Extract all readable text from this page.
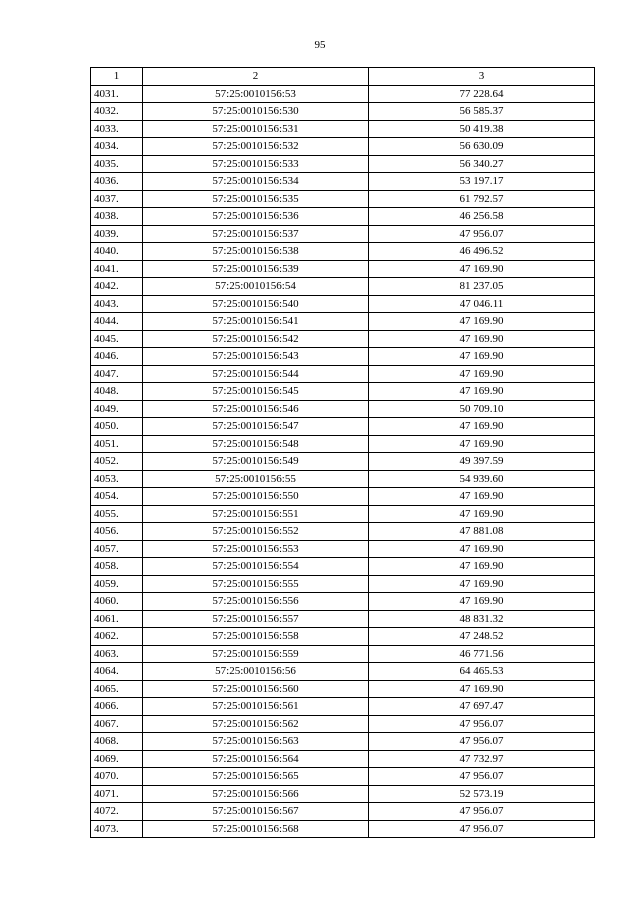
95
1	2	3
4031.	57:25:0010156:53	77 228.64
4032.	57:25:0010156:530	56 585.37
4033.	57:25:0010156:531	50 419.38
4034.	57:25:0010156:532	56 630.09
4035.	57:25:0010156:533	56 340.27
4036.	57:25:0010156:534	53 197.17
4037.	57:25:0010156:535	61 792.57
4038.	57:25:0010156:536	46 256.58
4039.	57:25:0010156:537	47 956.07
4040.	57:25:0010156:538	46 496.52
4041.	57:25:0010156:539	47 169.90
4042.	57:25:0010156:54	81 237.05
4043.	57:25:0010156:540	47 046.11
4044.	57:25:0010156:541	47 169.90
4045.	57:25:0010156:542	47 169.90
4046.	57:25:0010156:543	47 169.90
4047.	57:25:0010156:544	47 169.90
4048.	57:25:0010156:545	47 169.90
4049.	57:25:0010156:546	50 709.10
4050.	57:25:0010156:547	47 169.90
4051.	57:25:0010156:548	47 169.90
4052.	57:25:0010156:549	49 397.59
4053.	57:25:0010156:55	54 939.60
4054.	57:25:0010156:550	47 169.90
4055.	57:25:0010156:551	47 169.90
4056.	57:25:0010156:552	47 881.08
4057.	57:25:0010156:553	47 169.90
4058.	57:25:0010156:554	47 169.90
4059.	57:25:0010156:555	47 169.90
4060.	57:25:0010156:556	47 169.90
4061.	57:25:0010156:557	48 831.32
4062.	57:25:0010156:558	47 248.52
4063.	57:25:0010156:559	46 771.56
4064.	57:25:0010156:56	64 465.53
4065.	57:25:0010156:560	47 169.90
4066.	57:25:0010156:561	47 697.47
4067.	57:25:0010156:562	47 956.07
4068.	57:25:0010156:563	47 956.07
4069.	57:25:0010156:564	47 732.97
4070.	57:25:0010156:565	47 956.07
4071.	57:25:0010156:566	52 573.19
4072.	57:25:0010156:567	47 956.07
4073.	57:25:0010156:568	47 956.07
